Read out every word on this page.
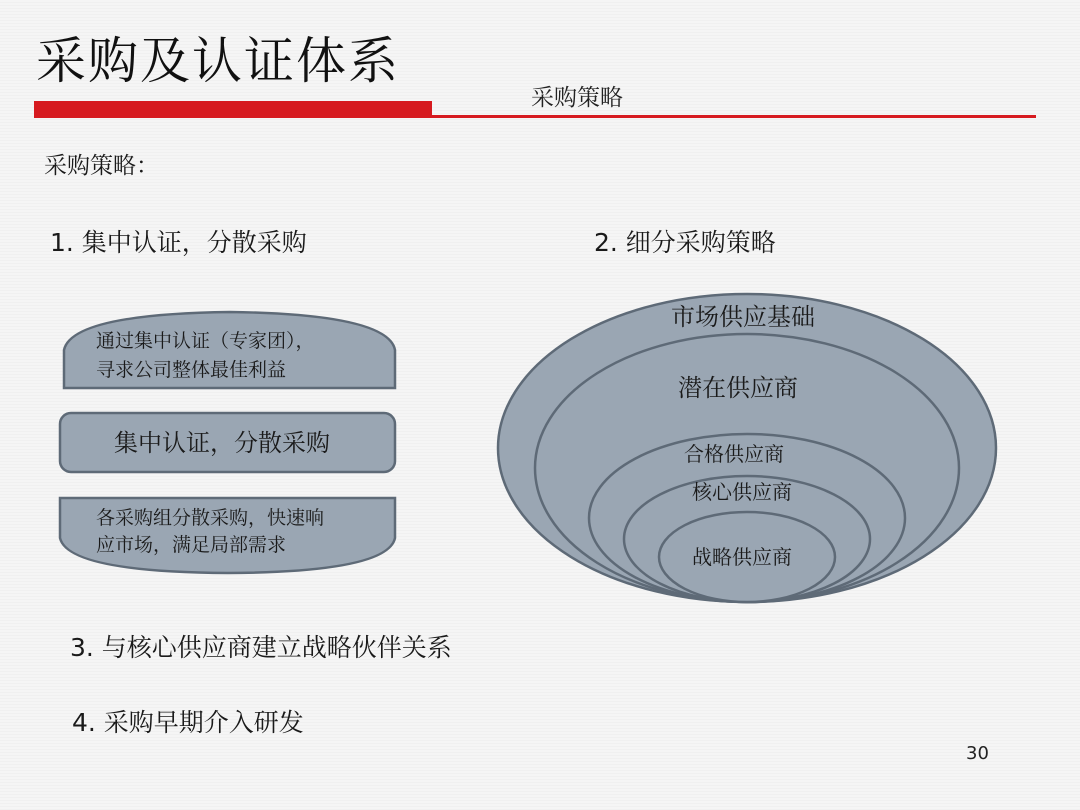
采购及认证体系
采购策略
采购策略：
1. 集中认证，分散采购	2. 细分采购策略
3. 与核心供应商建立战略伙伴关系
4. 采购早期介入研发
30
通过集中认证（专家团），
寻求公司整体最佳利益
集中认证，分散采购
各采购组分散采购，快速响
应市场，满足局部需求
市场供应基础
潜在供应商
合格供应商
核心供应商
战略供应商
